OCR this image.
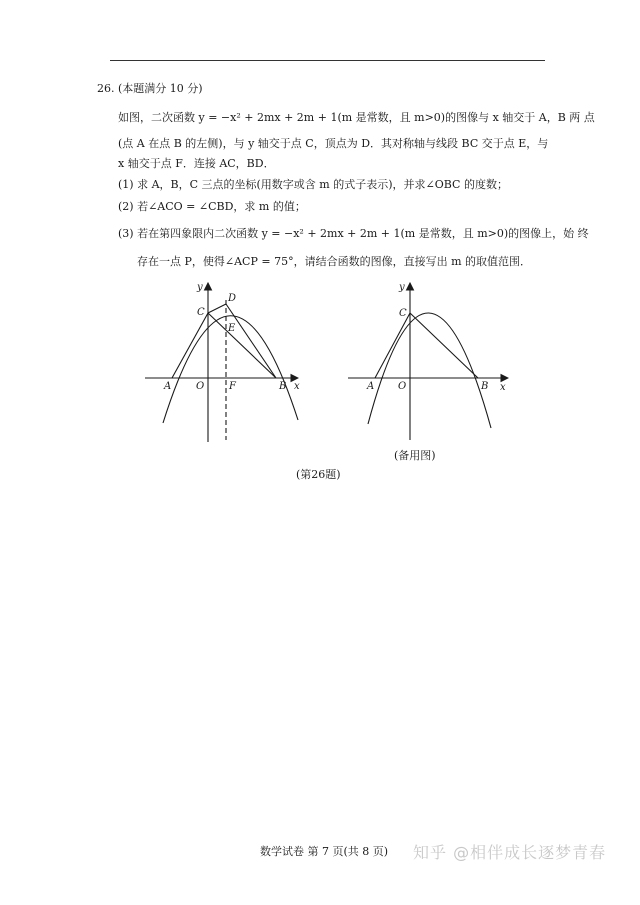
26. (本题满分 10 分)
如图，二次函数 y = −x² + 2mx + 2m + 1(m 是常数，且 m>0)的图像与 x 轴交于 A，B 两 点
(点 A 在点 B 的左侧)，与 y 轴交于点 C，顶点为 D．其对称轴与线段 BC 交于点 E，与
x 轴交于点 F．连接 AC，BD．
(1) 求 A，B，C 三点的坐标(用数字或含 m 的式子表示)，并求∠OBC 的度数；
(2) 若∠ACO = ∠CBD，求 m 的值；
(3) 若在第四象限内二次函数 y = −x² + 2mx + 2m + 1(m 是常数，且 m>0)的图像上，始 终
存在一点 P，使得∠ACP = 75°，请结合函数的图像，直接写出 m 的取值范围．
y
x
O
A	B
C
D
E
F
y
x
O
A	B
C
(备用图)
(第26题)
数学试卷 第 7 页(共 8 页) 知乎 @相伴成长逐梦青春
